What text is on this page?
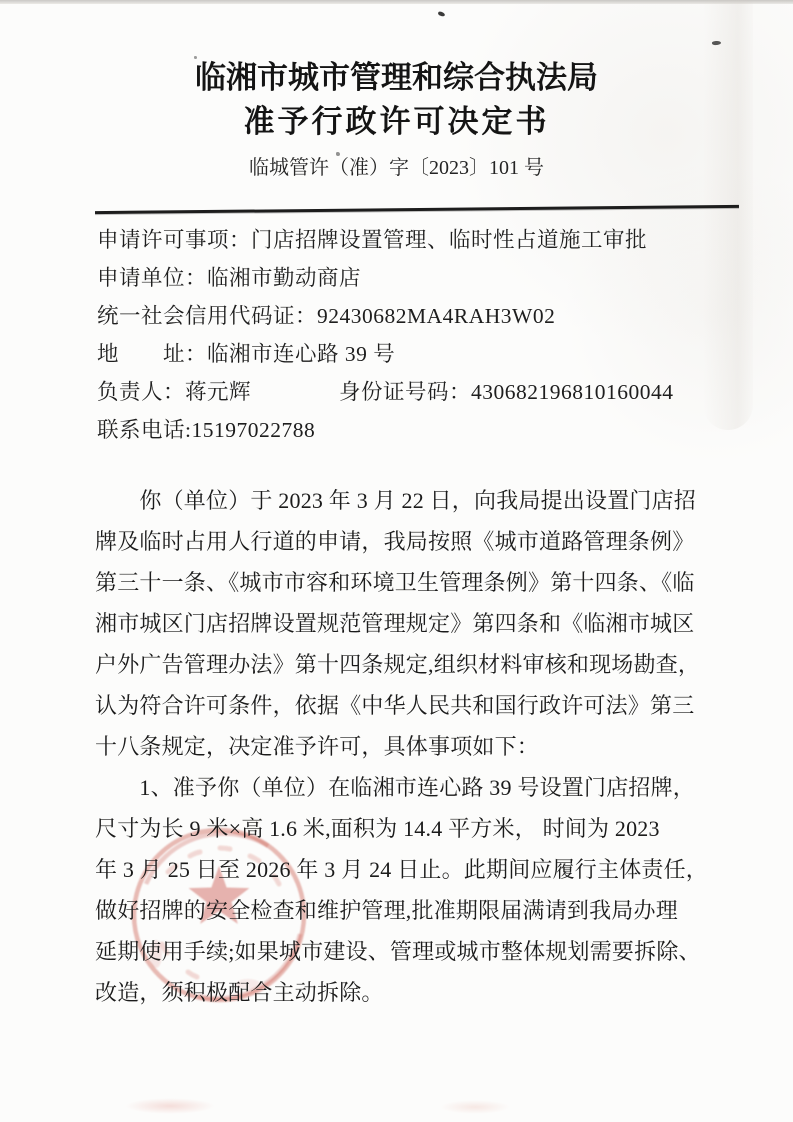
临湘市城市管理和综合执法局
准予行政许可决定书
临城管许（准）字〔2023〕101 号
申请许可事项：门店招牌设置管理、临时性占道施工审批
申请单位：临湘市勤动商店
统一社会信用代码证：92430682MA4RAH3W02
地　　址：临湘市连心路 39 号
负责人：蒋元辉　　　　身份证号码：430682196810160044
联系电话:15197022788
　　你（单位）于 2023 年 3 月 22 日，向我局提出设置门店招
牌及临时占用人行道的申请，我局按照《城市道路管理条例》
第三十一条、《城市市容和环境卫生管理条例》第十四条、《临
湘市城区门店招牌设置规范管理规定》第四条和《临湘市城区
户外广告管理办法》第十四条规定,组织材料审核和现场勘查，
认为符合许可条件，依据《中华人民共和国行政许可法》第三
十八条规定，决定准予许可，具体事项如下：
　　1、准予你（单位）在临湘市连心路 39 号设置门店招牌，
尺寸为长 9 米×高 1.6 米,面积为 14.4 平方米， 时间为 2023
年 3 月 25 日至 2026 年 3 月 24 日止。此期间应履行主体责任，
做好招牌的安全检查和维护管理,批准期限届满请到我局办理
延期使用手续;如果城市建设、管理或城市整体规划需要拆除、
改造，须积极配合主动拆除。
